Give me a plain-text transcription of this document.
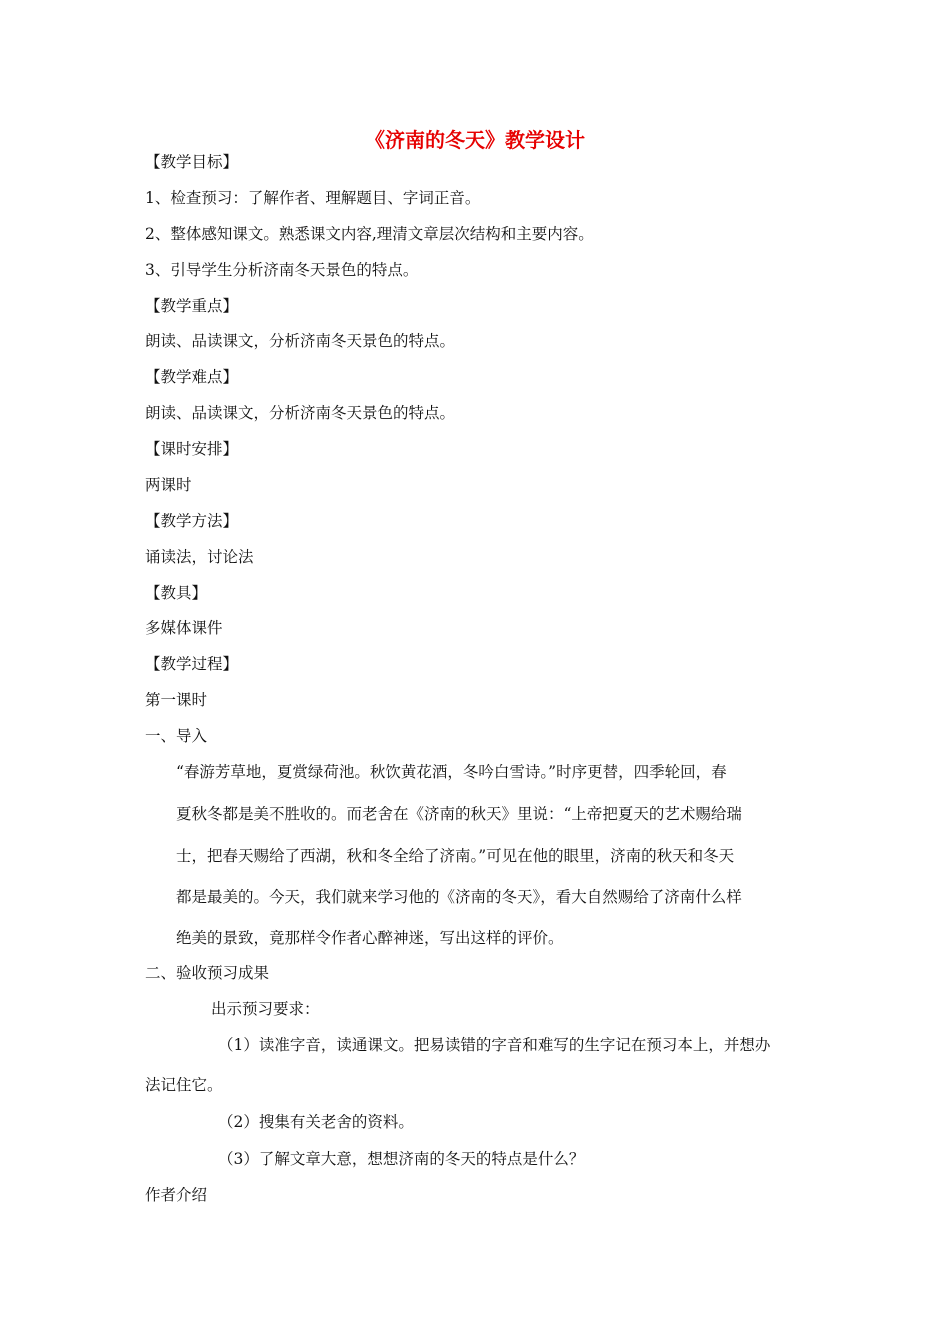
《济南的冬天》教学设计
【教学目标】
1、检查预习：了解作者、理解题目、字词正音。
2、整体感知课文。熟悉课文内容,理清文章层次结构和主要内容。
3、引导学生分析济南冬天景色的特点。
【教学重点】
朗读、品读课文，分析济南冬天景色的特点。
【教学难点】
朗读、品读课文，分析济南冬天景色的特点。
【课时安排】
两课时
【教学方法】
诵读法，讨论法
【教具】
多媒体课件
【教学过程】
第一课时
一、导入
“春游芳草地，夏赏绿荷池。秋饮黄花酒，冬吟白雪诗。”时序更替，四季轮回，春
夏秋冬都是美不胜收的。而老舍在《济南的秋天》里说：“上帝把夏天的艺术赐给瑞
士，把春天赐给了西湖，秋和冬全给了济南。”可见在他的眼里，济南的秋天和冬天
都是最美的。今天，我们就来学习他的《济南的冬天》，看大自然赐给了济南什么样
绝美的景致，竟那样令作者心醉神迷，写出这样的评价。
二、验收预习成果
出示预习要求：
（1）读准字音，读通课文。把易读错的字音和难写的生字记在预习本上，并想办
法记住它。
（2）搜集有关老舍的资料。
（3）了解文章大意，想想济南的冬天的特点是什么？
作者介绍
